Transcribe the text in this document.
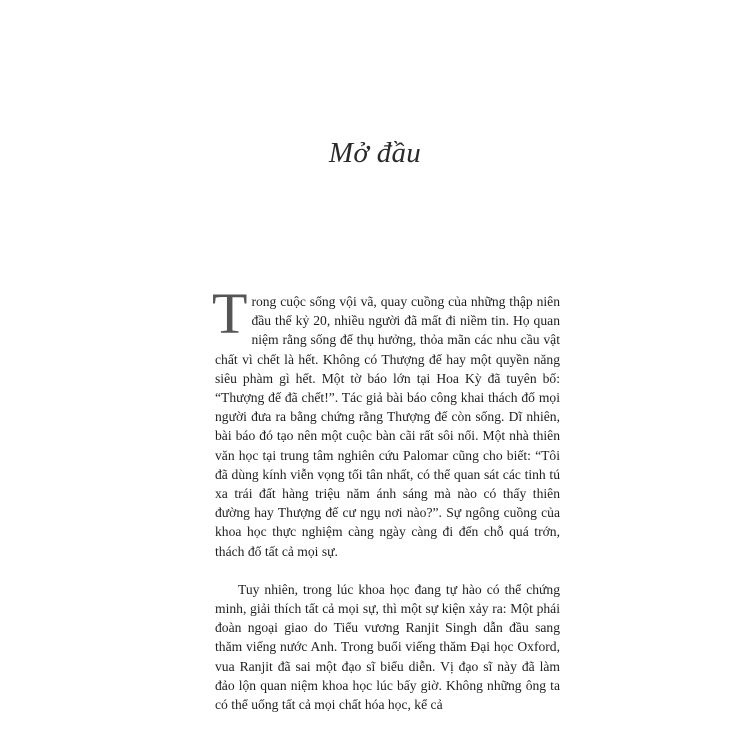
Mở đầu

Trong cuộc sống vội vã, quay cuồng của những thập niên đầu thế kỷ 20, nhiều người đã mất đi niềm tin. Họ quan niệm rằng sống để thụ hưởng, thỏa mãn các nhu cầu vật chất vì chết là hết. Không có Thượng đế hay một quyền năng siêu phàm gì hết. Một tờ báo lớn tại Hoa Kỳ đã tuyên bố: “Thượng đế đã chết!”. Tác giả bài báo công khai thách đố mọi người đưa ra bằng chứng rằng Thượng đế còn sống. Dĩ nhiên, bài báo đó tạo nên một cuộc bàn cãi rất sôi nổi. Một nhà thiên văn học tại trung tâm nghiên cứu Palomar cũng cho biết: “Tôi đã dùng kính viễn vọng tối tân nhất, có thể quan sát các tinh tú xa trái đất hàng triệu năm ánh sáng mà nào có thấy thiên đường hay Thượng đế cư ngụ nơi nào?”. Sự ngông cuồng của khoa học thực nghiệm càng ngày càng đi đến chỗ quá trớn, thách đố tất cả mọi sự.

Tuy nhiên, trong lúc khoa học đang tự hào có thể chứng minh, giải thích tất cả mọi sự, thì một sự kiện xảy ra: Một phái đoàn ngoại giao do Tiểu vương Ranjit Singh dẫn đầu sang thăm viếng nước Anh. Trong buổi viếng thăm Đại học Oxford, vua Ranjit đã sai một đạo sĩ biểu diễn. Vị đạo sĩ này đã làm đảo lộn quan niệm khoa học lúc bấy giờ. Không những ông ta có thể uống tất cả mọi chất hóa học, kể cả
